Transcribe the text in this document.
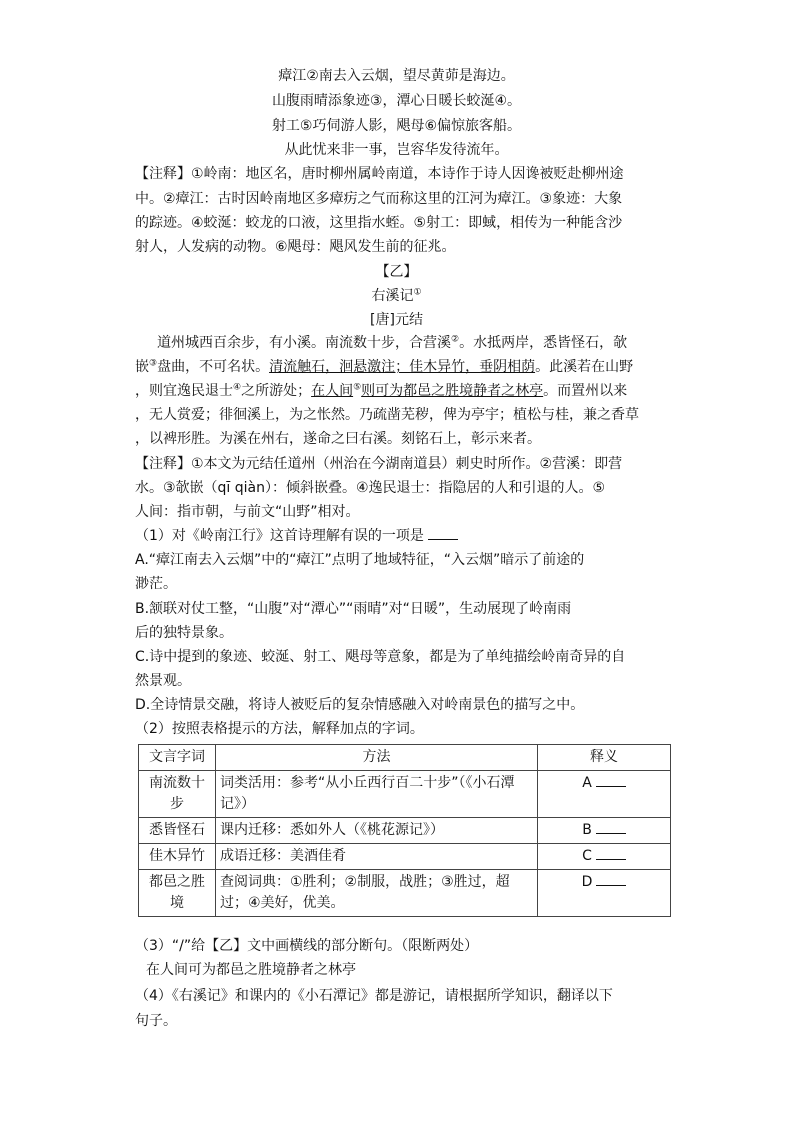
瘴江②南去入云烟，望尽黄茆是海边。
山腹雨晴添象迹③，潭心日暖长蛟涎④。
射工⑤巧伺游人影，飓母⑥偏惊旅客船。
从此忧来非一事，岂容华发待流年。
【注释】①岭南：地区名，唐时柳州属岭南道，本诗作于诗人因谗被贬赴柳州途
中。②瘴江：古时因岭南地区多瘴疠之气而称这里的江河为瘴江。③象迹：大象
的踪迹。④蛟涎：蛟龙的口液，这里指水蛭。⑤射工：即蜮，相传为一种能含沙
射人，人发病的动物。⑥飓母：飓风发生前的征兆。
【乙】
右溪记①
[唐]元结
道州城西百余步，有小溪。南流数十步，合营溪②。水抵两岸，悉皆怪石，欹
嵌③盘曲，不可名状。清流触石，洄悬激注；佳木异竹，垂阴相荫。此溪若在山野
，则宜逸民退士④之所游处；在人间⑤则可为都邑之胜境静者之林亭。而置州以来
，无人赏爱；徘徊溪上，为之怅然。乃疏凿芜秽，俾为亭宇；植松与桂，兼之香草
，以裨形胜。为溪在州右，遂命之曰右溪。刻铭石上，彰示来者。
【注释】①本文为元结任道州（州治在今湖南道县）刺史时所作。②营溪：即营
水。③欹嵌（qī qiàn）：倾斜嵌叠。④逸民退士：指隐居的人和引退的人。⑤
人间：指市朝，与前文“山野”相对。
（1）对《岭南江行》这首诗理解有误的一项是
A.“瘴江南去入云烟”中的“瘴江”点明了地域特征，“入云烟”暗示了前途的
渺茫。
B.颔联对仗工整，“山腹”对“潭心”“雨晴”对“日暖”，生动展现了岭南雨
后的独特景象。
C.诗中提到的象迹、蛟涎、射工、飓母等意象，都是为了单纯描绘岭南奇异的自
然景观。
D.全诗情景交融，将诗人被贬后的复杂情感融入对岭南景色的描写之中。
（2）按照表格提示的方法，解释加点的字词。
文言字词	方法	释义
南流数十步	词类活用：参考“从小丘西行百二十步”（《小石潭记》）	A
悉皆怪石	课内迁移：悉如外人（《桃花源记》）	B
佳木异竹	成语迁移：美酒佳肴	C
都邑之胜境	查阅词典：①胜利；②制服，战胜；③胜过，超过；④美好，优美。	D
（3）“/”给【乙】文中画横线的部分断句。（限断两处）
在人间可为都邑之胜境静者之林亭
（4）《右溪记》和课内的《小石潭记》都是游记，请根据所学知识，翻译以下
句子。
